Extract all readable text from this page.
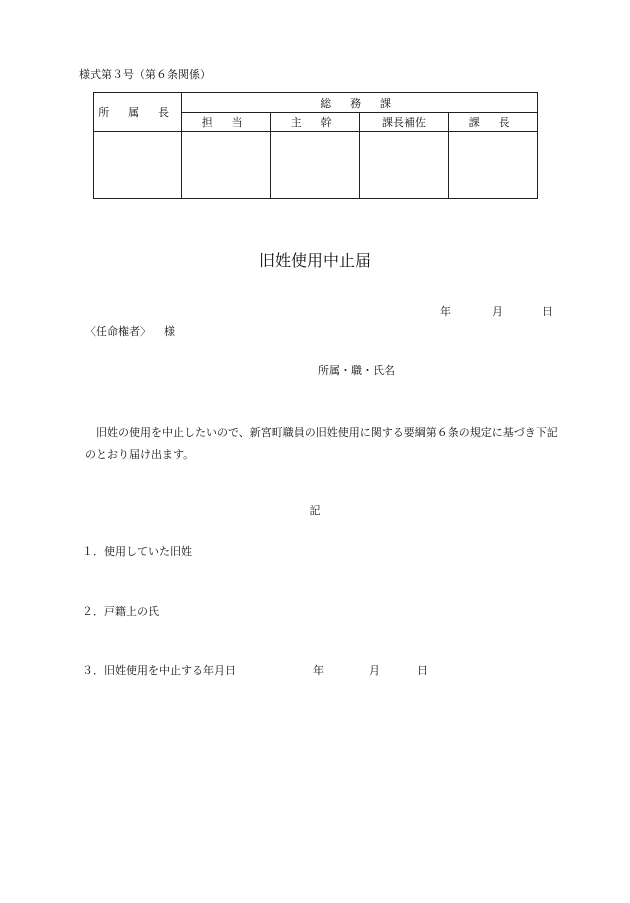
様式第３号（第６条関係）
所 属 長	総 務 課			
	担 当	主 幹	課長補佐	課 長

旧姓使用中止届
年	月	日
〈任命権者〉 様
所属・職・氏名
旧姓の使用を中止したいので、新宮町職員の旧姓使用に関する要綱第６条の規定に基づき下記のとおり届け出ます。
記
１．使用していた旧姓
２．戸籍上の氏
３．旧姓使用を中止する年月日	年	月	日
